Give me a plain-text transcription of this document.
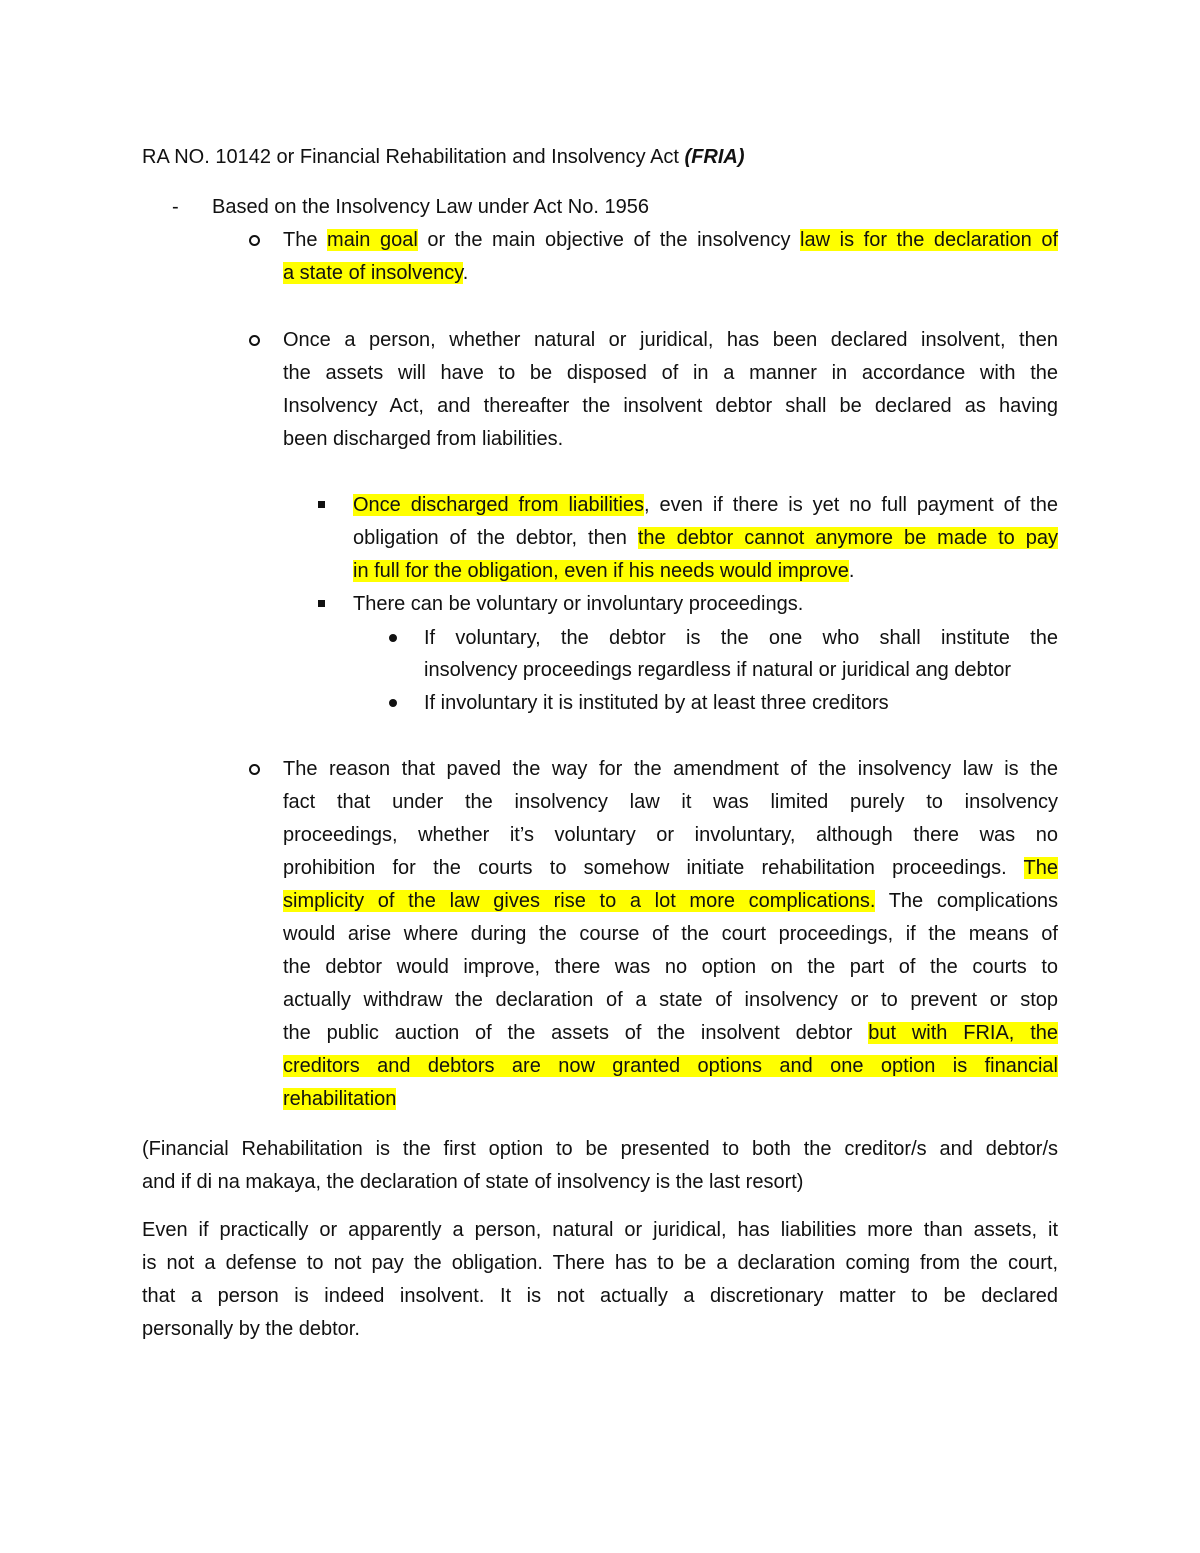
RA NO. 10142 or Financial Rehabilitation and Insolvency Act (FRIA)
- Based on the Insolvency Law under Act No. 1956
The main goal or the main objective of the insolvency law is for the declaration of
a state of insolvency.
Once a person, whether natural or juridical, has been declared insolvent, then
the assets will have to be disposed of in a manner in accordance with the
Insolvency Act, and thereafter the insolvent debtor shall be declared as having
been discharged from liabilities.
Once discharged from liabilities, even if there is yet no full payment of the
obligation of the debtor, then the debtor cannot anymore be made to pay
in full for the obligation, even if his needs would improve.
There can be voluntary or involuntary proceedings.
If voluntary, the debtor is the one who shall institute the
insolvency proceedings regardless if natural or juridical ang debtor
If involuntary it is instituted by at least three creditors
The reason that paved the way for the amendment of the insolvency law is the
fact that under the insolvency law it was limited purely to insolvency
proceedings, whether it’s voluntary or involuntary, although there was no
prohibition for the courts to somehow initiate rehabilitation proceedings. The
simplicity of the law gives rise to a lot more complications. The complications
would arise where during the course of the court proceedings, if the means of
the debtor would improve, there was no option on the part of the courts to
actually withdraw the declaration of a state of insolvency or to prevent or stop
the public auction of the assets of the insolvent debtor but with FRIA, the
creditors and debtors are now granted options and one option is financial
rehabilitation
(Financial Rehabilitation is the first option to be presented to both the creditor/s and debtor/s
and if di na makaya, the declaration of state of insolvency is the last resort)
Even if practically or apparently a person, natural or juridical, has liabilities more than assets, it
is not a defense to not pay the obligation. There has to be a declaration coming from the court,
that a person is indeed insolvent. It is not actually a discretionary matter to be declared
personally by the debtor.
